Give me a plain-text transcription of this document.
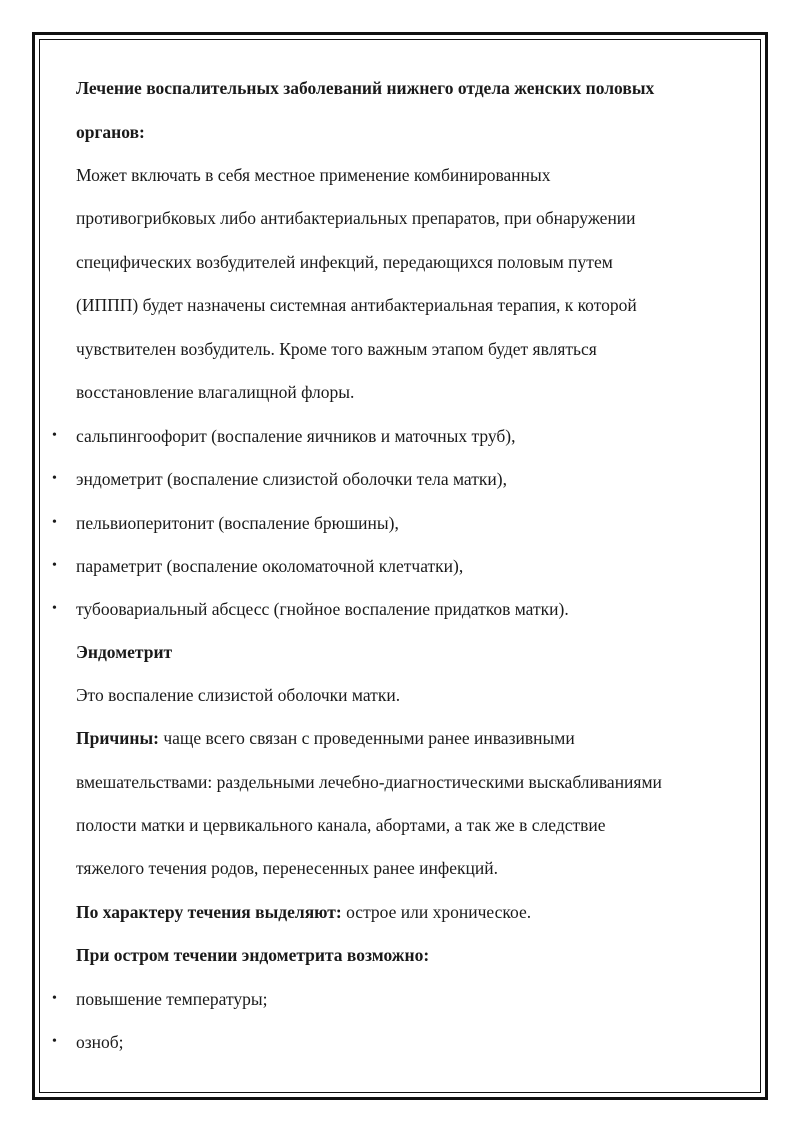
Лечение воспалительных заболеваний нижнего отдела женских половых
органов:
Может включать в себя местное применение комбинированных
противогрибковых либо антибактериальных препаратов, при обнаружении
специфических возбудителей инфекций, передающихся половым путем
(ИППП) будет назначены системная антибактериальная терапия, к которой
чувствителен возбудитель. Кроме того важным этапом будет являться
восстановление влагалищной флоры.
• сальпингоофорит (воспаление яичников и маточных труб),
• эндометрит (воспаление слизистой оболочки тела матки),
• пельвиоперитонит (воспаление брюшины),
• параметрит (воспаление околоматочной клетчатки),
• тубоовариальный абсцесс (гнойное воспаление придатков матки).
Эндометрит
Это воспаление слизистой оболочки матки.
Причины: чаще всего связан с проведенными ранее инвазивными
вмешательствами: раздельными лечебно-диагностическими выскабливаниями
полости матки и цервикального канала, абортами, а так же в следствие
тяжелого течения родов, перенесенных ранее инфекций.
По характеру течения выделяют: острое или хроническое.
При остром течении эндометрита возможно:
• повышение температуры;
• озноб;
